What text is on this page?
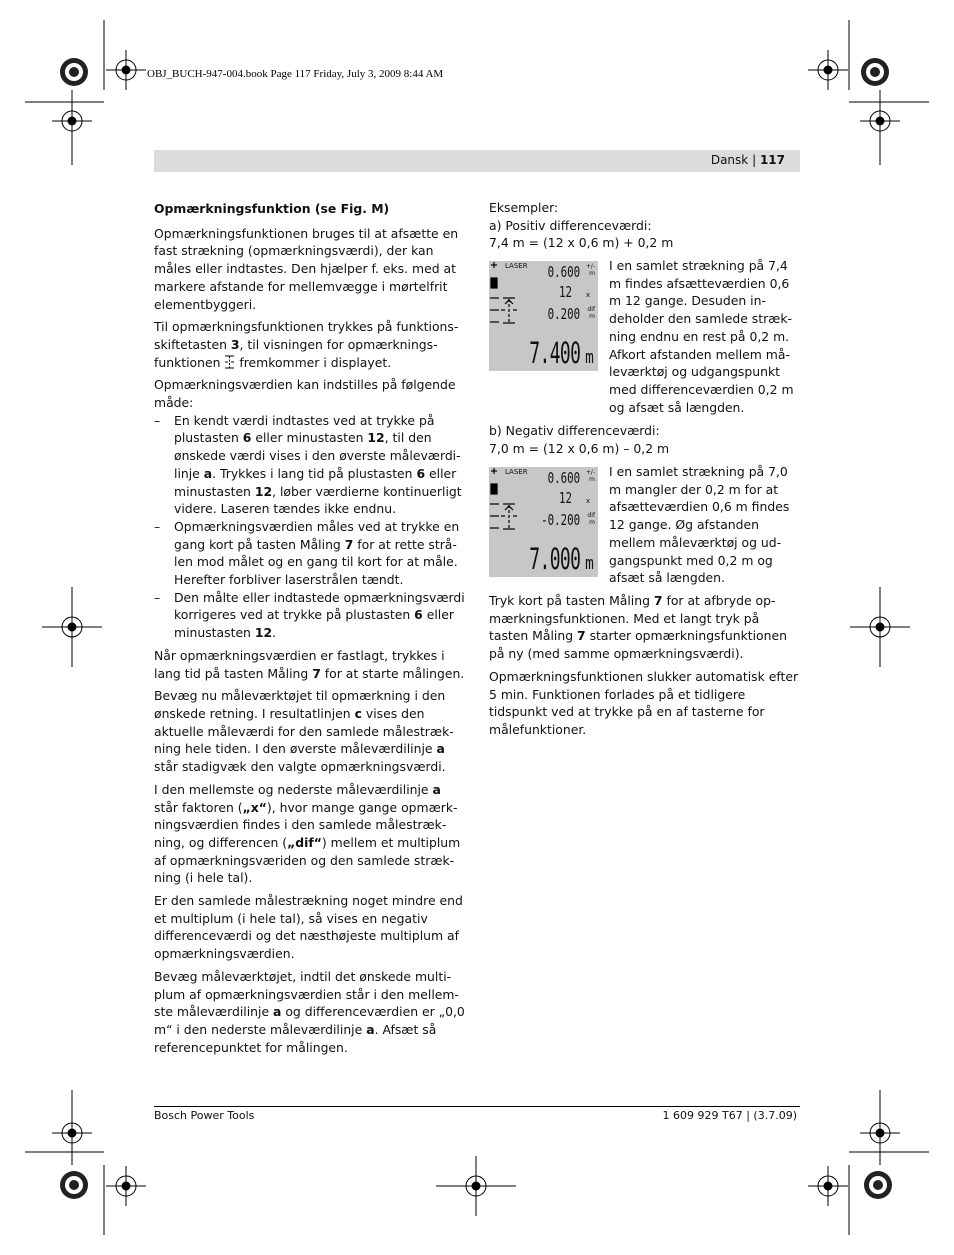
OBJ_BUCH-947-004.book Page 117 Friday, July 3, 2009 8:44 AM
Dansk | 117
Opmærkningsfunktion (se Fig. M)

Opmærkningsfunktionen bruges til at afsætte en fast strækning (opmærkningsværdi), der kan måles eller indtastes. Den hjælper f. eks. med at markere afstande for mellemvægge i mørtelfrit elementbyggeri.

Til opmærkningsfunktionen trykkes på funktionsskiftetasten 3, til visningen for opmærkningsfunktionen  fremkommer i displayet.

Opmærkningsværdien kan indstilles på følgende måde:

– En kendt værdi indtastes ved at trykke på plustasten 6 eller minustasten 12, til den ønskede værdi vises i den øverste måleværdilinje a. Trykkes i lang tid på plustasten 6 eller minustasten 12, løber værdierne kontinuerligt videre. Laseren tændes ikke endnu.
– Opmærkningsværdien måles ved at trykke en gang kort på tasten Måling 7 for at rette strålen mod målet og en gang til kort for at måle. Herefter forbliver laserstrålen tændt.
– Den målte eller indtastede opmærkningsværdi korrigeres ved at trykke på plustasten 6 eller minustasten 12.

Når opmærkningsværdien er fastlagt, trykkes i lang tid på tasten Måling 7 for at starte målingen.

Bevæg nu måleværktøjet til opmærkning i den ønskede retning. I resultatlinjen c vises den aktuelle måleværdi for den samlede målestrækning hele tiden. I den øverste måleværdilinje a står stadigvæk den valgte opmærkningsværdi.

I den mellemste og nederste måleværdilinje a står faktoren („x“), hvor mange gange opmærkningsværdien findes i den samlede målestrækning, og differencen („dif“) mellem et multiplum af opmærkningsværiden og den samlede strækning (i hele tal).

Er den samlede målestrækning noget mindre end et multiplum (i hele tal), så vises en negativ differenceværdi og det næsthøjeste multiplum af opmærkningsværdien.

Bevæg måleværktøjet, indtil det ønskede multiplum af opmærkningsværdien står i den mellemste måleværdilinje a og differenceværdien er „0,0 m“ i den nederste måleværdilinje a. Afsæt så referencepunktet for målingen.

Eksempler:
a) Positiv differenceværdi:
7,4 m = (12 x 0,6 m) + 0,2 m
LASER 0.600 +/-
m
12 x
0.200 dif
m
7.400 m
I en samlet strækning på 7,4 m findes afsætteværdien 0,6 m 12 gange. Desuden indeholder den samlede strækning endnu en rest på 0,2 m. Afkort afstanden mellem måleværktøj og udgangspunkt med differenceværdien 0,2 m og afsæt så længden.
b) Negativ differenceværdi:
7,0 m = (12 x 0,6 m) – 0,2 m
LASER 0.600 +/-
m
12 x
-0.200 dif
m
7.000 m
I en samlet strækning på 7,0 m mangler der 0,2 m for at afsætteværdien 0,6 m findes 12 gange. Øg afstanden mellem måleværktøj og udgangspunkt med 0,2 m og afsæt så længden.

Tryk kort på tasten Måling 7 for at afbryde opmærkningsfunktionen. Med et langt tryk på tasten Måling 7 starter opmærkningsfunktionen på ny (med samme opmærkningsværdi).

Opmærkningsfunktionen slukker automatisk efter 5 min. Funktionen forlades på et tidligere tidspunkt ved at trykke på en af tasterne for målefunktioner.

Bosch Power Tools	1 609 929 T67 | (3.7.09)
